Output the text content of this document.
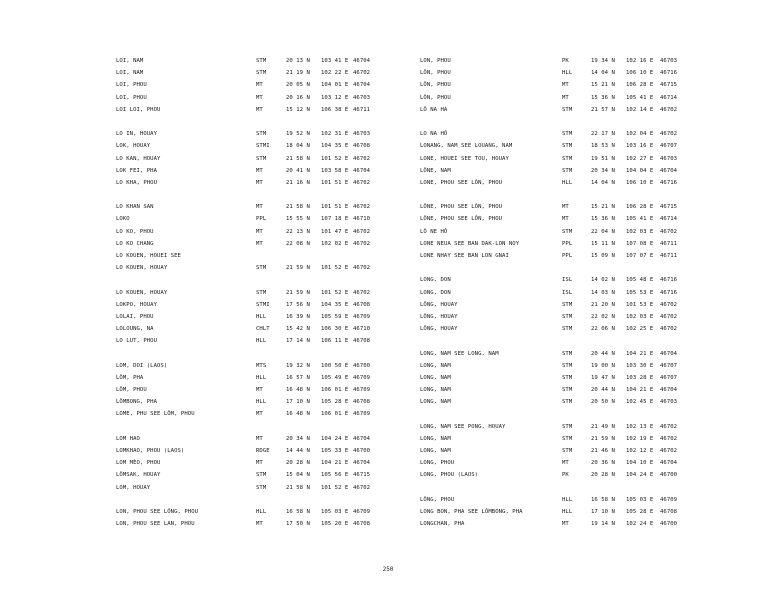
LOI, NAM	STM	20 13 N 103 41 E 46704
LOI, NAM	STM	21 19 N 102 22 E 46702
LOI, PHOU	MT	20 05 N 104 01 E 46704
LOI, PHOU	MT	20 16 N 103 12 E 46703
LOI LOI, PHOU	MT	15 12 N 106 38 E 46711
LO IN, HOUAY	STM	19 52 N 102 31 E 46703
LOK, HOUAY	STMI	18 04 N 104 35 E 46708
LO KAN, HOUAY	STM	21 58 N 101 52 E 46702
LOK FEI, PHA	MT	20 41 N 103 58 E 46704
LO KHA, PHOU	MT	21 16 N 101 51 E 46702
LO KHAN SAN	MT	21 58 N 101 51 E 46702
LOKO	PPL	15 55 N 107 18 E 46710
LO KO, PHOU	MT	22 13 N 101 47 E 46702
LO KO CHANG	MT	22 08 N 102 02 E 46702
LO KOUEN, HOUEI SEE
LO KOUEN, HOUAY	STM	21 59 N 101 52 E 46702
LO KOUEN, HOUAY	STM	21 59 N 101 52 E 46702
LOKPO, HOUAY	STMI	17 56 N 104 35 E 46708
LOLAI, PHOU	HLL	16 39 N 105 59 E 46709
LOLOUNG, NA	CHLT	15 42 N 106 30 E 46710
LO LUT, PHOU	HLL	17 14 N 106 11 E 46708
LOM, DOI (LAOS)	MTS	19 32 N 100 50 E 46700
LÔM, PHA	HLL	16 57 N 105 49 E 46709
LÔM, PHOU	MT	16 48 N 106 01 E 46709
LÔMBONG, PHA	HLL	17 10 N 105 28 E 46708
LOME, PHU SEE LÔM, PHOU	MT	16 48 N 106 01 E 46709
LOM HAO	MT	20 34 N 104 24 E 46704
LOMKHAO, PHOU (LAOS)	RDGE	14 44 N 105 33 E 46700
LOM MÈO, PHOU	MT	20 28 N 104 21 E 46704
LÔMSAK, HOUAY	STM	15 04 N 105 56 E 46715
LOM, HOUAY	STM	21 58 N 101 52 E 46702
LON, PHOU SEE LÔNG, PHOU	HLL	16 58 N 105 03 E 46709
LON, PHOU SEE LAN, PHOU	MT	17 50 N 105 20 E 46708
LON, PHOU	PK	19 34 N 102 16 E 46703
LÔN, PHOU	HLL	14 04 N 106 10 E 46716
LÔN, PHOU	MT	15 21 N 106 28 E 46715
LÔN, PHOU	MT	15 36 N 105 41 E 46714
LÔ NA HA	STM	21 57 N 102 14 E 46702
LO NA HÔ	STM	22 17 N 102 04 E 46702
LONANG, NAM SEE LOUANG, NAM	STM	18 53 N 103 16 E 46707
LONE, HOUEI SEE TOU, HOUAY	STM	19 51 N 102 27 E 46703
LÔNE, NAM	STM	20 34 N 104 04 E 46704
LONE, PHOU SEE LÔN, PHOU	HLL	14 04 N 106 10 E 46716
LÔNE, PHOU SEE LÔN, PHOU	MT	15 21 N 106 28 E 46715
LÔNE, PHOU SEE LÔN, PHOU	MT	15 36 N 105 41 E 46714
LÔ NE HÔ	STM	22 04 N 102 03 E 46702
LONE NEUA SEE BAN DAK-LON NOY	PPL	15 11 N 107 08 E 46711
LONE NHAY SEE BAN LON GNAI	PPL	15 09 N 107 07 E 46711
LONG, DON	ISL	14 02 N 105 48 E 46716
LONG, DON	ISL	14 03 N 105 53 E 46716
LÔNG, HOUAY	STM	21 20 N 101 53 E 46702
LÔNG, HOUAY	STM	22 02 N 102 03 E 46702
LÔNG, HOUAY	STM	22 06 N 102 25 E 46702
LONG, NAM SEE LONG, NAM	STM	20 44 N 104 21 E 46704
LONG, NAM	STM	19 00 N 103 30 E 46707
LONG, NAM	STM	19 47 N 103 28 E 46707
LONG, NAM	STM	20 44 N 104 21 E 46704
LONG, NAM	STM	20 50 N 102 45 E 46703
LONG, NAM SEE PONG, HOUAY	STM	21 49 N 102 13 E 46702
LONG, NAM	STM	21 59 N 102 19 E 46702
LONG, NAM	STM	21 46 N 102 12 E 46702
LONG, PHOU	MT	20 36 N 104 10 E 46704
LONG, PHOU (LAOS)	PK	20 28 N 104 24 E 46700
LÔNG, PHOU	HLL	16 58 N 105 03 E 46709
LONG BON, PHA SEE LÔMBONG, PHA	HLL	17 10 N 105 28 E 46708
LONGCHAN, PHA	MT	19 14 N 102 24 E 46700
250
